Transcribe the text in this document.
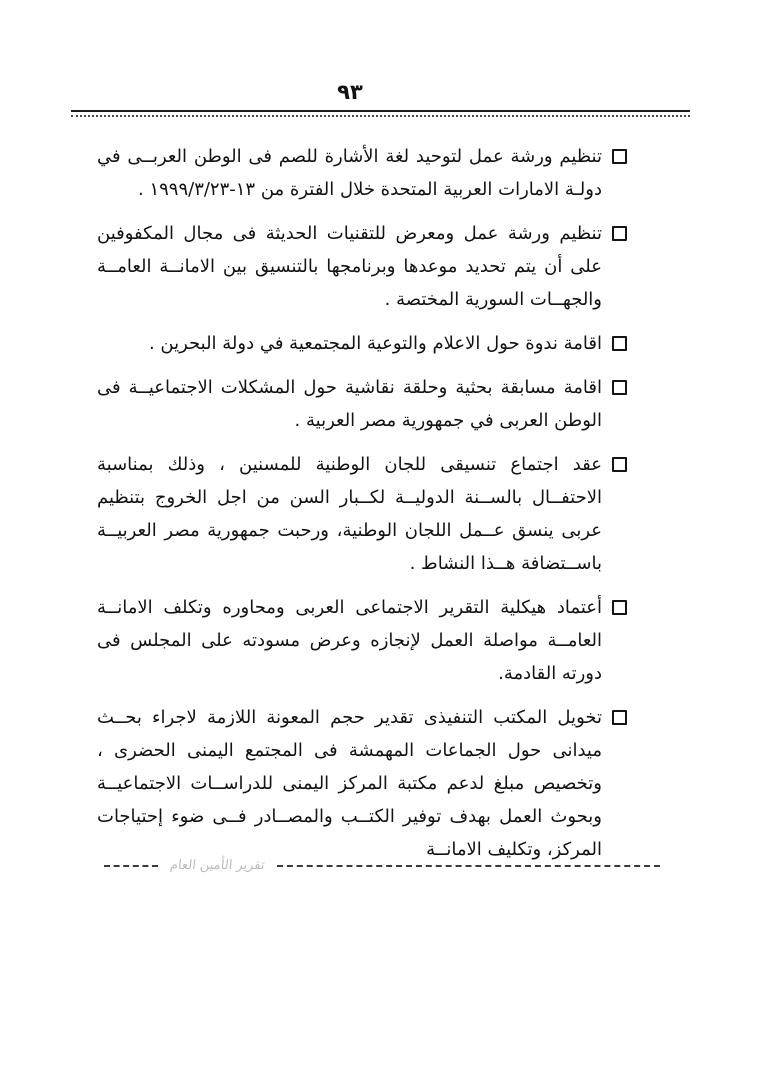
٩٣
تنظيم ورشة عمل لتوحيد لغة الأشارة للصم فى الوطن العربــى في دولـة الامارات العربية المتحدة خلال الفترة من ١٣-١٩٩٩/٣/٢٣ .
تنظيم ورشة عمل ومعرض للتقنيات الحديثة فى مجال المكفوفين على أن يتم تحديد موعدها وبرنامجها بالتنسيق بين الامانــة العامــة والجهــات السورية المختصة .
اقامة ندوة حول الاعلام والتوعية المجتمعية في دولة البحرين .
اقامة مسابقة بحثية وحلقة نقاشية حول المشكلات الاجتماعيــة فى الوطن العربى في جمهورية مصر العربية .
عقد اجتماع تنسيقى للجان الوطنية للمسنين ، وذلك بمناسبة الاحتفــال بالســنة الدوليــة لكــبار السن من اجل الخروج بتنظيم عربى ينسق عــمل اللجان الوطنية، ورحبت جمهورية مصر العربيــة باســتضافة هــذا النشاط .
أعتماد هيكلية التقرير الاجتماعى العربى ومحاوره وتكلف الامانــة العامــة مواصلة العمل لإنجازه وعرض مسودته على المجلس فى دورته القادمة.
تخويل المكتب التنفيذى تقدير حجم المعونة اللازمة لاجراء بحــث ميدانى حول الجماعات المهمشة فى المجتمع اليمنى الحضرى ، وتخصيص مبلغ لدعم مكتبة المركز اليمنى للدراســات الاجتماعيــة وبحوث العمل بهدف توفير الكتــب والمصــادر فــى ضوء إحتياجات المركز، وتكليف الامانــة
تقرير الأمين العام
